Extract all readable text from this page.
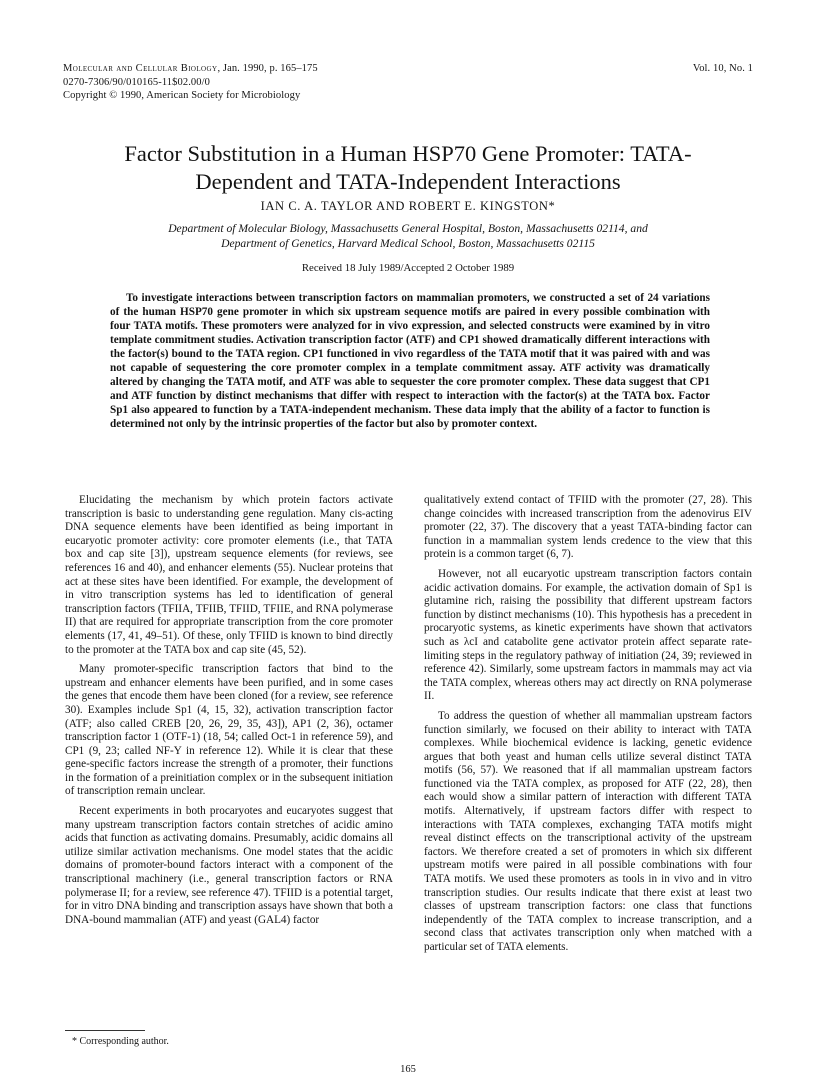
Molecular and Cellular Biology, Jan. 1990, p. 165–175	Vol. 10, No. 1
0270-7306/90/010165-11$02.00/0
Copyright © 1990, American Society for Microbiology
Factor Substitution in a Human HSP70 Gene Promoter: TATA-
Dependent and TATA-Independent Interactions
IAN C. A. TAYLOR AND ROBERT E. KINGSTON*
Department of Molecular Biology, Massachusetts General Hospital, Boston, Massachusetts 02114, and
Department of Genetics, Harvard Medical School, Boston, Massachusetts 02115
Received 18 July 1989/Accepted 2 October 1989
To investigate interactions between transcription factors on mammalian promoters, we constructed a set of 24 variations of the human HSP70 gene promoter in which six upstream sequence motifs are paired in every possible combination with four TATA motifs. These promoters were analyzed for in vivo expression, and selected constructs were examined by in vitro template commitment studies. Activation transcription factor (ATF) and CP1 showed dramatically different interactions with the factor(s) bound to the TATA region. CP1 functioned in vivo regardless of the TATA motif that it was paired with and was not capable of sequestering the core promoter complex in a template commitment assay. ATF activity was dramatically altered by changing the TATA motif, and ATF was able to sequester the core promoter complex. These data suggest that CP1 and ATF function by distinct mechanisms that differ with respect to interaction with the factor(s) at the TATA box. Factor Sp1 also appeared to function by a TATA-independent mechanism. These data imply that the ability of a factor to function is determined not only by the intrinsic properties of the factor but also by promoter context.

Elucidating the mechanism by which protein factors activate transcription is basic to understanding gene regulation. Many cis-acting DNA sequence elements have been identified as being important in eucaryotic promoter activity: core promoter elements (i.e., that TATA box and cap site [3]), upstream sequence elements (for reviews, see references 16 and 40), and enhancer elements (55). Nuclear proteins that act at these sites have been identified. For example, the development of in vitro transcription systems has led to identification of general transcription factors (TFIIA, TFIIB, TFIID, TFIIE, and RNA polymerase II) that are required for appropriate transcription from the core promoter elements (17, 41, 49–51). Of these, only TFIID is known to bind directly to the promoter at the TATA box and cap site (45, 52).

Many promoter-specific transcription factors that bind to the upstream and enhancer elements have been purified, and in some cases the genes that encode them have been cloned (for a review, see reference 30). Examples include Sp1 (4, 15, 32), activation transcription factor (ATF; also called CREB [20, 26, 29, 35, 43]), AP1 (2, 36), octamer transcription factor 1 (OTF-1) (18, 54; called Oct-1 in reference 59), and CP1 (9, 23; called NF-Y in reference 12). While it is clear that these gene-specific factors increase the strength of a promoter, their functions in the formation of a preinitiation complex or in the subsequent initiation of transcription remain unclear.

Recent experiments in both procaryotes and eucaryotes suggest that many upstream transcription factors contain stretches of acidic amino acids that function as activating domains. Presumably, acidic domains all utilize similar activation mechanisms. One model states that the acidic domains of promoter-bound factors interact with a component of the transcriptional machinery (i.e., general transcription factors or RNA polymerase II; for a review, see reference 47). TFIID is a potential target, for in vitro DNA binding and transcription assays have shown that both a DNA-bound mammalian (ATF) and yeast (GAL4) factor

qualitatively extend contact of TFIID with the promoter (27, 28). This change coincides with increased transcription from the adenovirus EIV promoter (22, 37). The discovery that a yeast TATA-binding factor can function in a mammalian system lends credence to the view that this protein is a common target (6, 7).

However, not all eucaryotic upstream transcription factors contain acidic activation domains. For example, the activation domain of Sp1 is glutamine rich, raising the possibility that different upstream factors function by distinct mechanisms (10). This hypothesis has a precedent in procaryotic systems, as kinetic experiments have shown that activators such as λcI and catabolite gene activator protein affect separate rate-limiting steps in the regulatory pathway of initiation (24, 39; reviewed in reference 42). Similarly, some upstream factors in mammals may act via the TATA complex, whereas others may act directly on RNA polymerase II.

To address the question of whether all mammalian upstream factors function similarly, we focused on their ability to interact with TATA complexes. While biochemical evidence is lacking, genetic evidence argues that both yeast and human cells utilize several distinct TATA motifs (56, 57). We reasoned that if all mammalian upstream factors functioned via the TATA complex, as proposed for ATF (22, 28), then each would show a similar pattern of interaction with different TATA motifs. Alternatively, if upstream factors differ with respect to interactions with TATA complexes, exchanging TATA motifs might reveal distinct effects on the transcriptional activity of the upstream factors. We therefore created a set of promoters in which six different upstream motifs were paired in all possible combinations with four TATA motifs. We used these promoters as tools in in vivo and in vitro transcription studies. Our results indicate that there exist at least two classes of upstream transcription factors: one class that functions independently of the TATA complex to increase transcription, and a second class that activates transcription only when matched with a particular set of TATA elements.

* Corresponding author.
165
